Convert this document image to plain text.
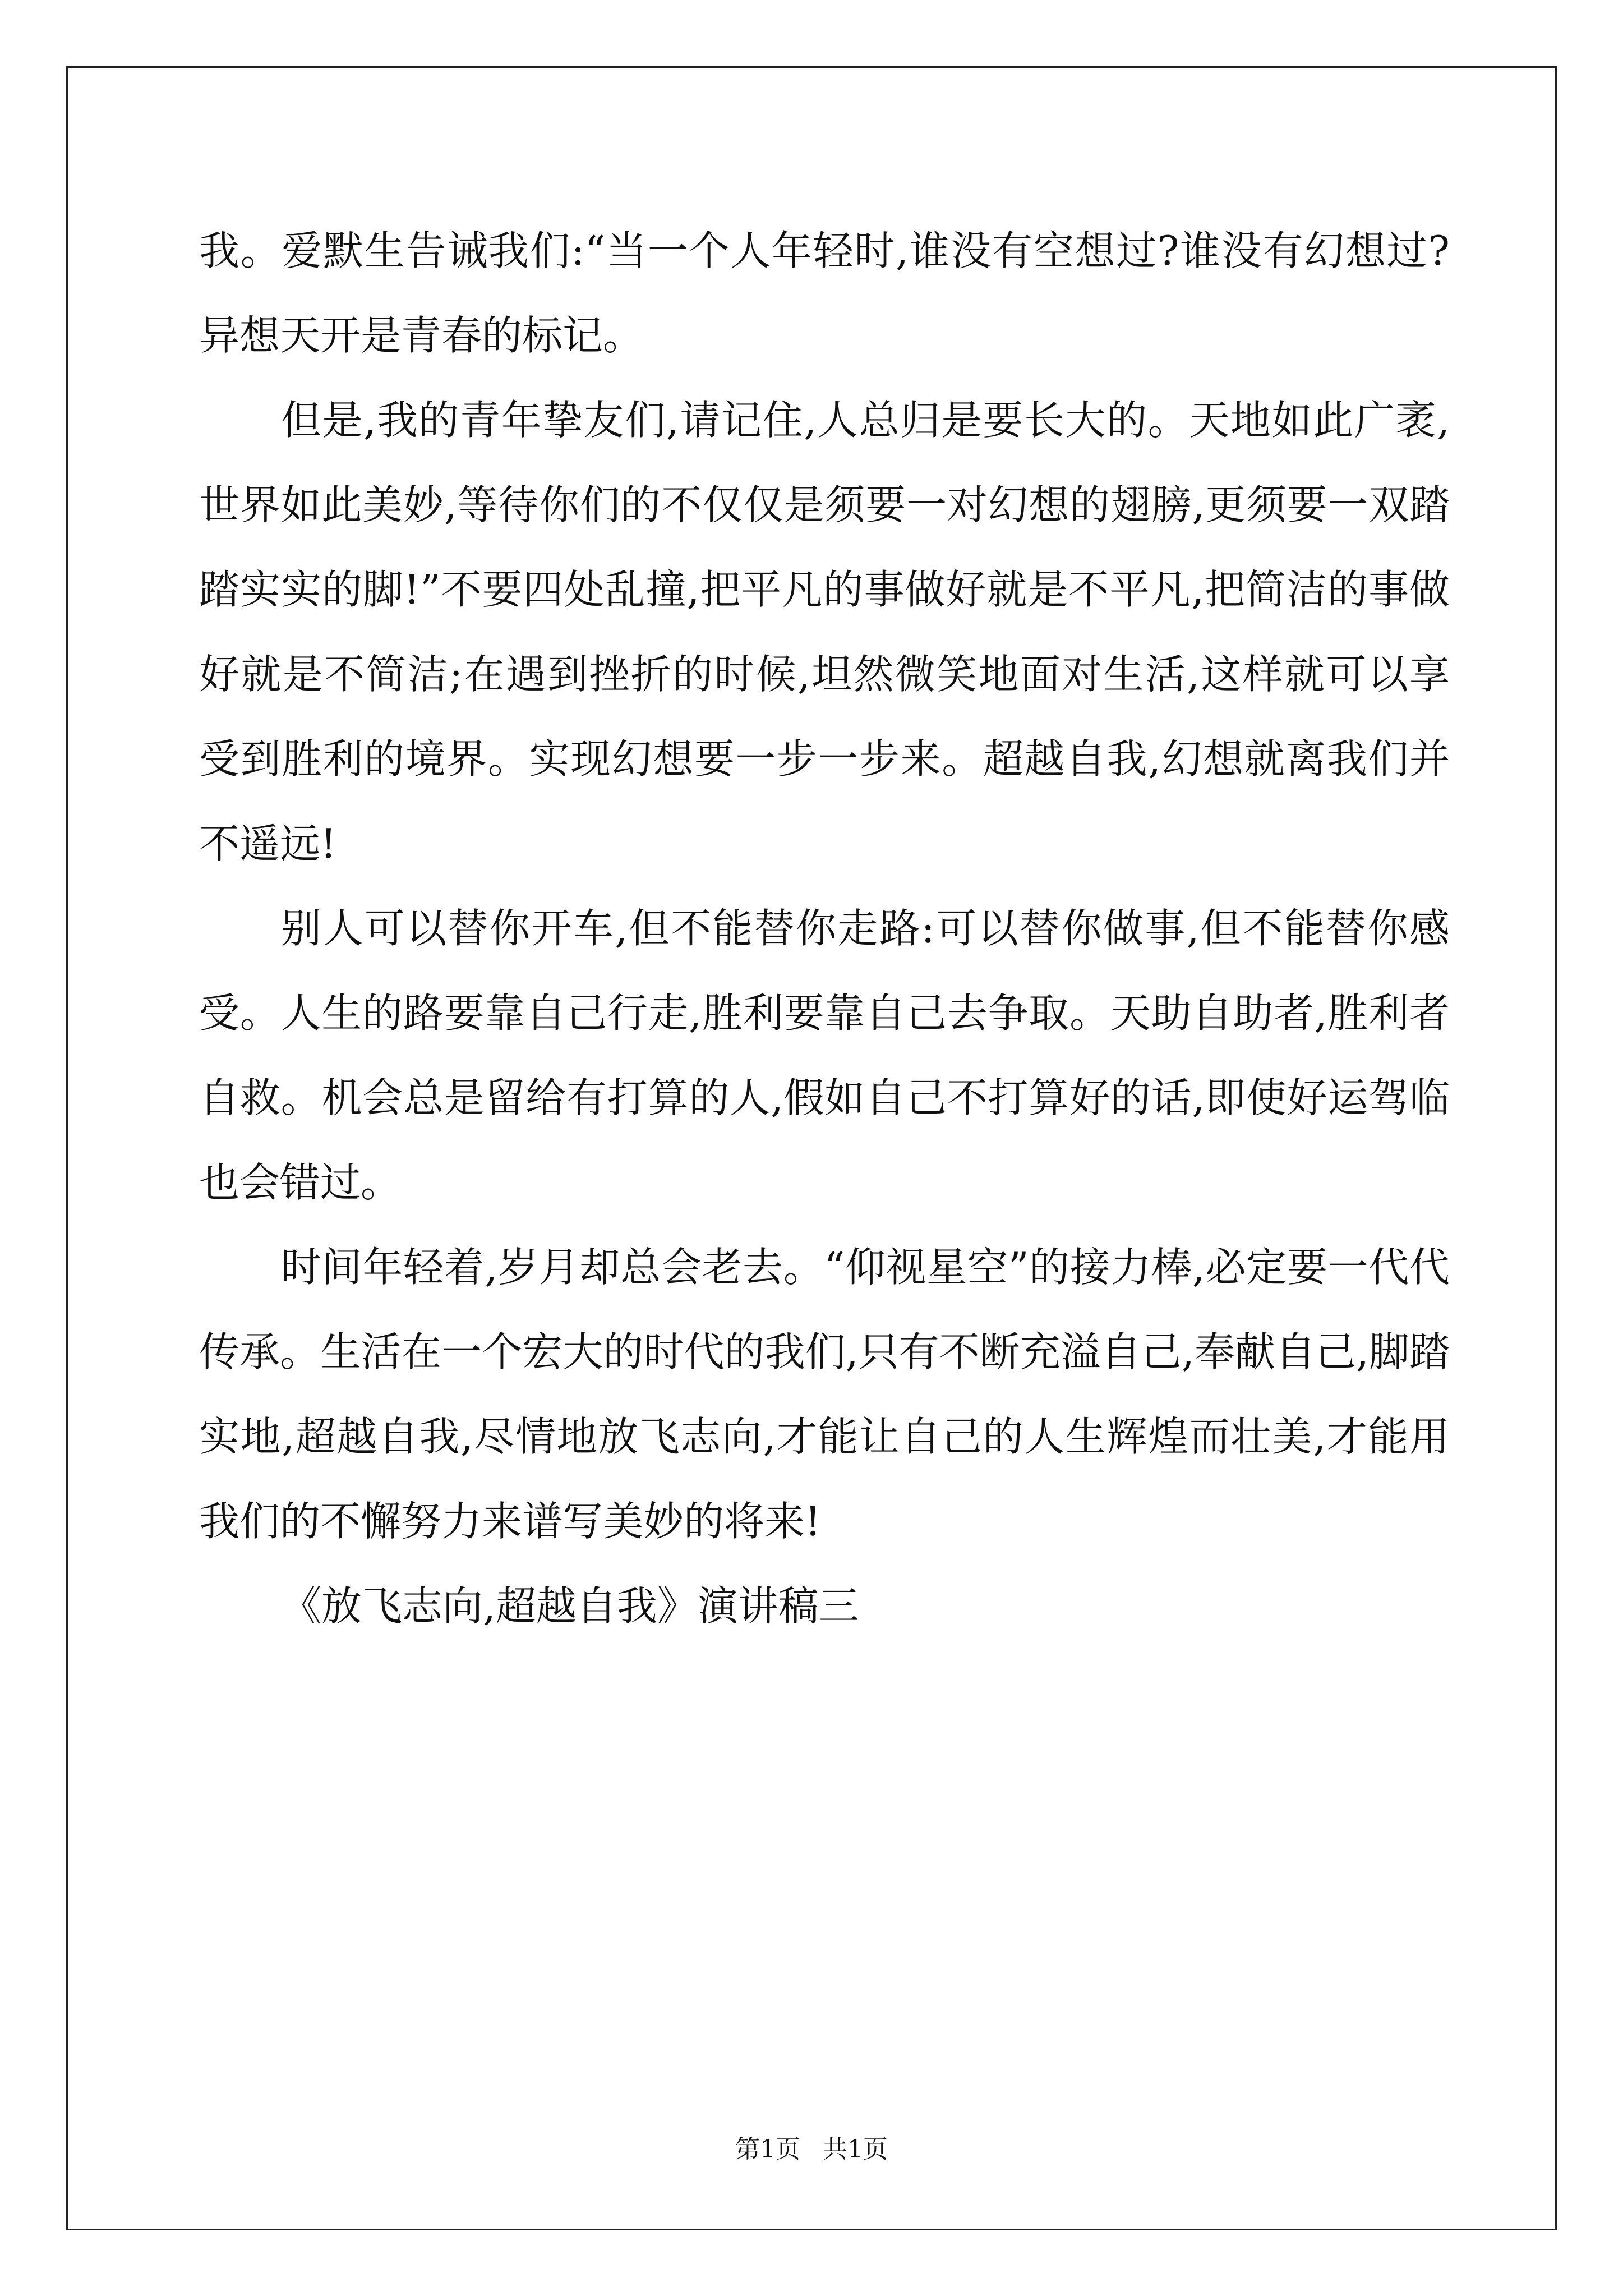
我。爱默生告诫我们:“当一个人年轻时,谁没有空想过?谁没有幻想过?异想天开是青春的标记。

但是,我的青年挚友们,请记住,人总归是要长大的。天地如此广袤,世界如此美妙,等待你们的不仅仅是须要一对幻想的翅膀,更须要一双踏踏实实的脚!”不要四处乱撞,把平凡的事做好就是不平凡,把简洁的事做好就是不简洁;在遇到挫折的时候,坦然微笑地面对生活,这样就可以享受到胜利的境界。实现幻想要一步一步来。超越自我,幻想就离我们并不遥远!

别人可以替你开车,但不能替你走路:可以替你做事,但不能替你感受。人生的路要靠自己行走,胜利要靠自己去争取。天助自助者,胜利者自救。机会总是留给有打算的人,假如自己不打算好的话,即使好运驾临 也会错过。

时间年轻着,岁月却总会老去。“仰视星空”的接力棒,必定要一代代传承。生活在一个宏大的时代的我们,只有不断充溢自己,奉献自己,脚踏实地,超越自我,尽情地放飞志向,才能让自己的人生辉煌而壮美,才能用我们的不懈努力来谱写美妙的将来!

《放飞志向,超越自我》演讲稿三

第1页 共1页
